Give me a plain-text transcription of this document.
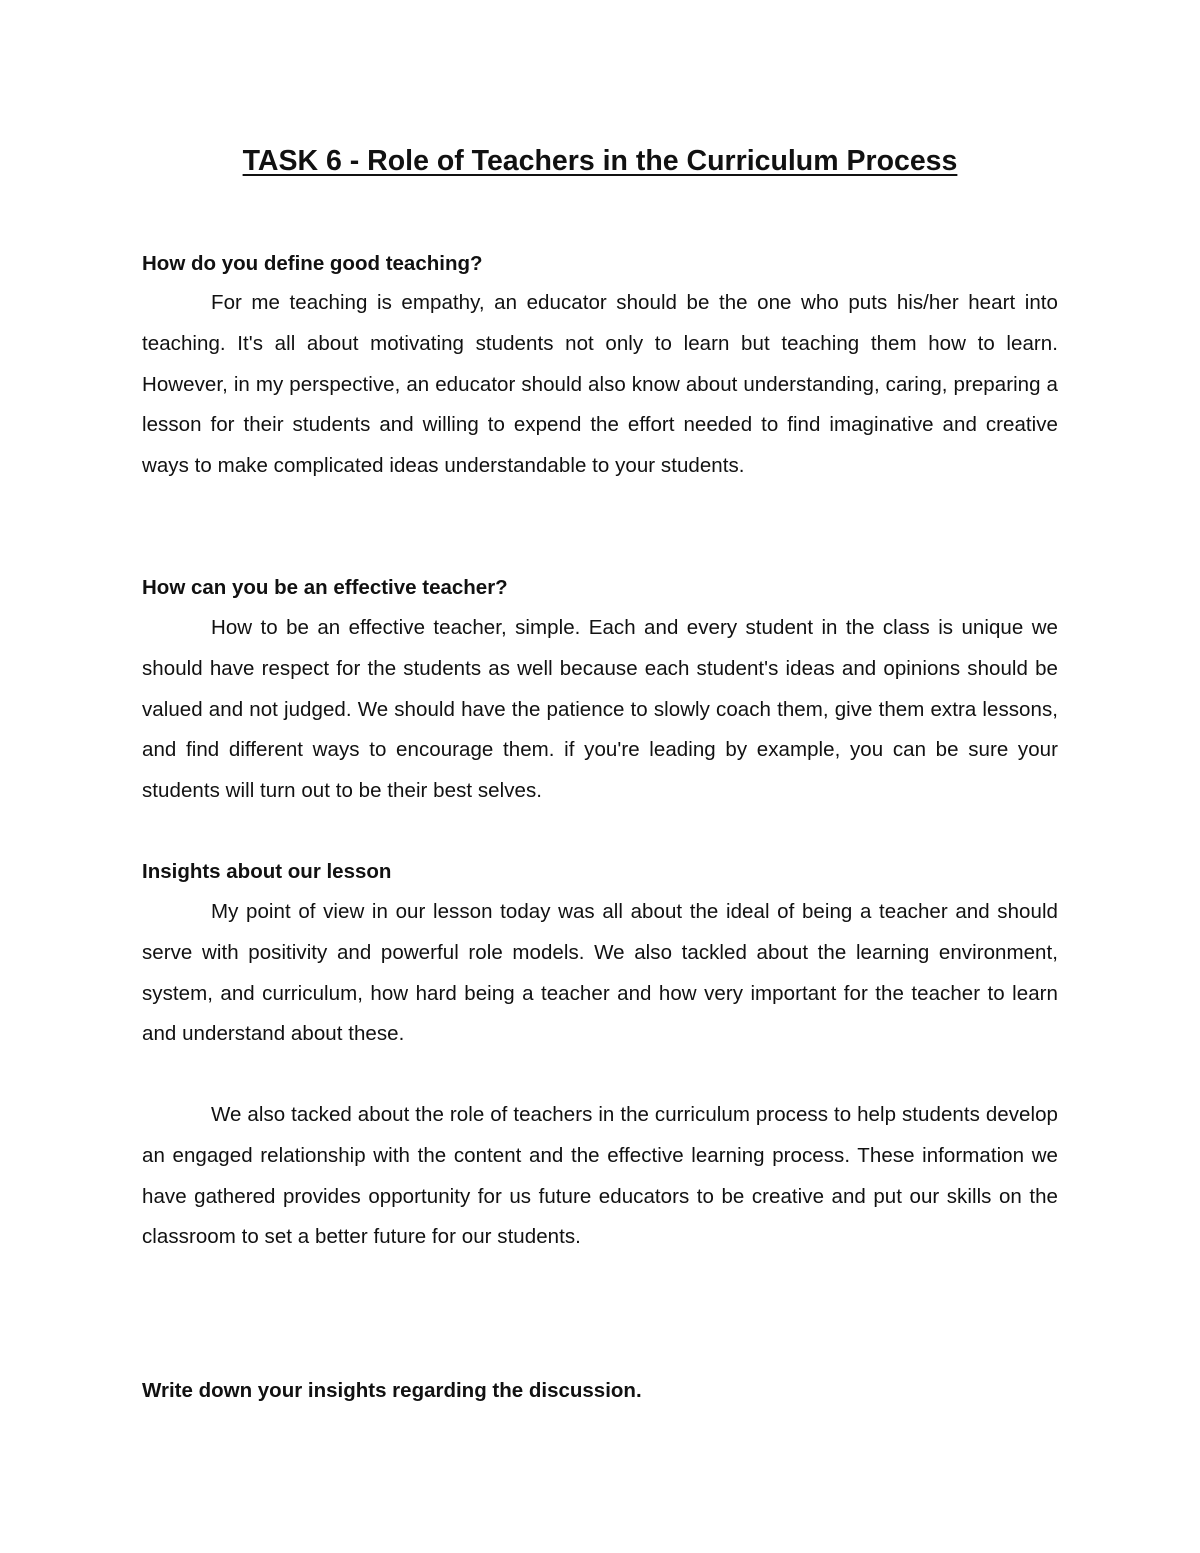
TASK 6 - Role of Teachers in the Curriculum Process
How do you define good teaching?

For me teaching is empathy, an educator should be the one who puts his/her heart into teaching. It's all about motivating students not only to learn but teaching them how to learn. However, in my perspective, an educator should also know about understanding, caring, preparing a lesson for their students and willing to expend the effort needed to find imaginative and creative ways to make complicated ideas understandable to your students.

How can you be an effective teacher?

How to be an effective teacher, simple. Each and every student in the class is unique we should have respect for the students as well because each student's ideas and opinions should be valued and not judged. We should have the patience to slowly coach them, give them extra lessons, and find different ways to encourage them. if you're leading by example, you can be sure your students will turn out to be their best selves.

Insights about our lesson

My point of view in our lesson today was all about the ideal of being a teacher and should serve with positivity and powerful role models. We also tackled about the learning environment, system, and curriculum, how hard being a teacher and how very important for the teacher to learn and understand about these.

We also tacked about the role of teachers in the curriculum process to help students develop an engaged relationship with the content and the effective learning process. These information we have gathered provides opportunity for us future educators to be creative and put our skills on the classroom to set a better future for our students.

Write down your insights regarding the discussion.
